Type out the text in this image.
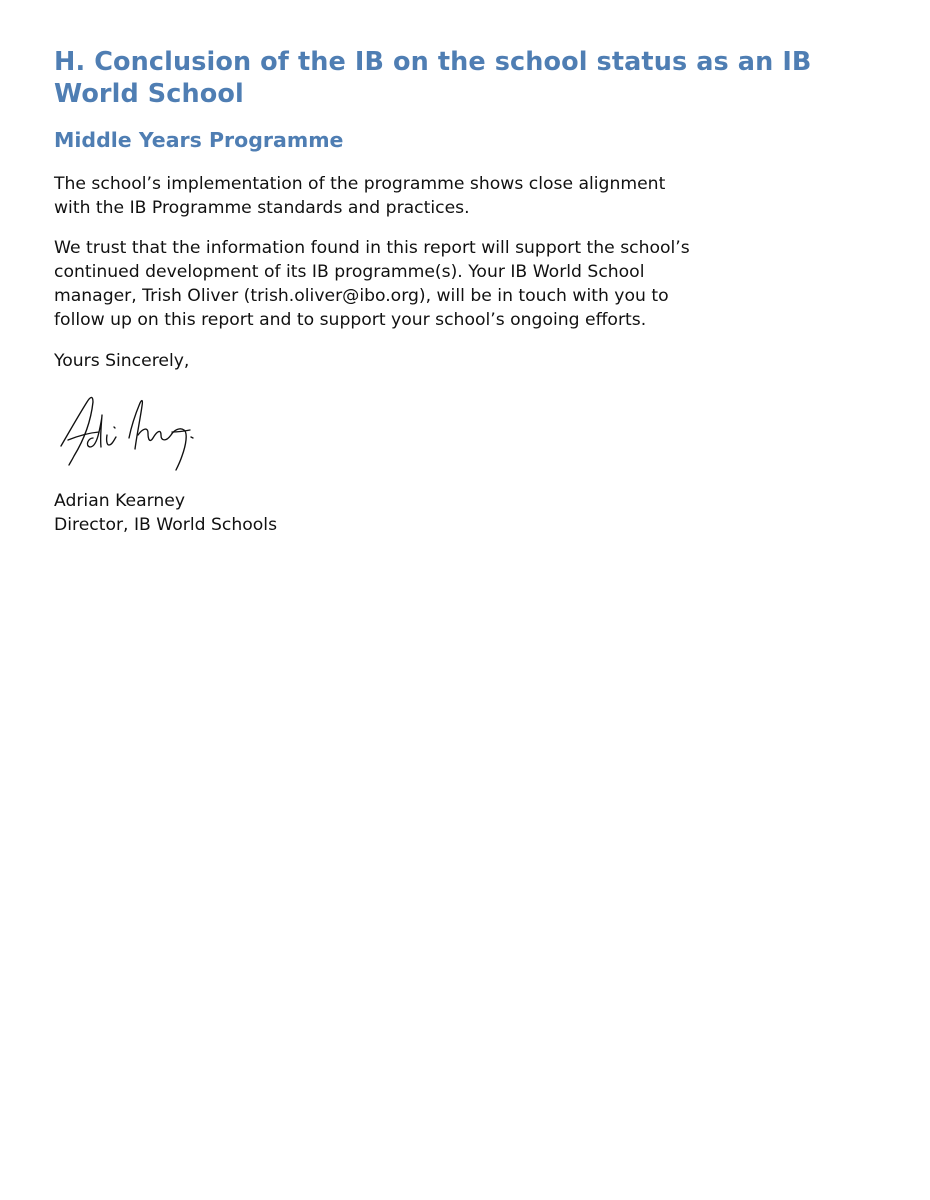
H. Conclusion of the IB on the school status as an IB World School
Middle Years Programme

The school’s implementation of the programme shows close alignment
with the IB Programme standards and practices.

We trust that the information found in this report will support the school’s
continued development of its IB programme(s). Your IB World School
manager, Trish Oliver (trish.oliver@ibo.org), will be in touch with you to
follow up on this report and to support your school’s ongoing efforts.

Yours Sincerely,

Adrian Kearney
Director, IB World Schools
